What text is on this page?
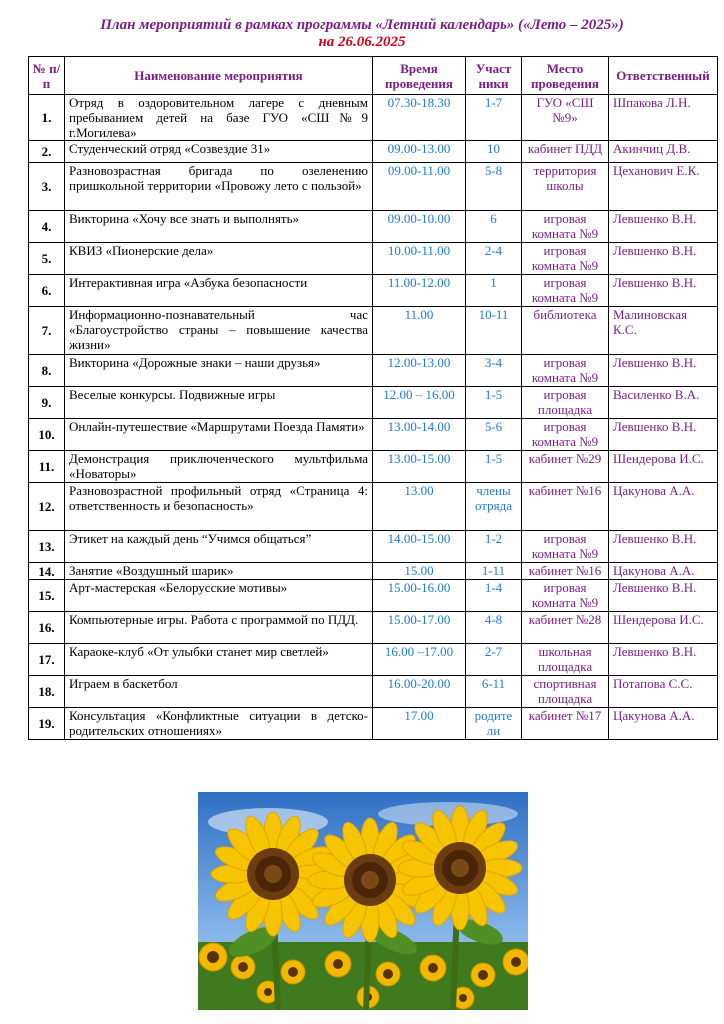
План мероприятий в рамках программы «Летний календарь» («Лето – 2025»)
на 26.06.2025
№ п/п	Наименование мероприятия	Время проведения	Участ ники	Место проведения	Ответственный
1.	Отряд в оздоровительном лагере с дневным пребыванием детей на базе ГУО «СШ№9 г.Могилева»	07.30-18.30	1-7	ГУО «СШ №9»	Шпакова Л.Н.
2.	Студенческий отряд «Созвездие 31»	09.00-13.00	10	кабинет ПДД	Акинчиц Д.В.
3.	Разновозрастная бригада по озеленению пришкольной территории «Провожу лето с пользой»	09.00-11.00	5-8	территория школы	Цеханович Е.К.
4.	Викторина «Хочу все знать и выполнять»	09.00-10.00	6	игровая комната №9	Левшенко В.Н.
5.	КВИЗ «Пионерские дела»	10.00-11.00	2-4	игровая комната №9	Левшенко В.Н.
6.	Интерактивная игра «Азбука безопасности	11.00-12.00	1	игровая комната №9	Левшенко В.Н.
7.	Информационно-познавательный час «Благоустройство страны – повышение качества жизни»	11.00	10-11	библиотека	Малиновская К.С.
8.	Викторина «Дорожные знаки – наши друзья»	12.00-13.00	3-4	игровая комната №9	Левшенко В.Н.
9.	Веселые конкурсы. Подвижные игры	12.00 – 16.00	1-5	игровая площадка	Василенко В.А.
10.	Онлайн-путешествие «Маршрутами Поезда Памяти»	13.00-14.00	5-6	игровая комната №9	Левшенко В.Н.
11.	Демонстрация приключенческого мультфильма «Новаторы»	13.00-15.00	1-5	кабинет №29	Шендерова И.С.
12.	Разновозрастной профильный отряд «Страница 4: ответственность и безопасность»	13.00	члены отряда	кабинет №16	Цакунова А.А.
13.	Этикет на каждый день “Учимся общаться”	14.00-15.00	1-2	игровая комната №9	Левшенко В.Н.
14.	Занятие «Воздушный шарик»	15.00	1-11	кабинет №16	Цакунова А.А.
15.	Арт-мастерская «Белорусские мотивы»	15.00-16.00	1-4	игровая комната №9	Левшенко В.Н.
16.	Компьютерные игры. Работа с программой по ПДД.	15.00-17.00	4-8	кабинет №28	Шендерова И.С.
17.	Караоке-клуб «От улыбки станет мир светлей»	16.00 –17.00	2-7	школьная площадка	Левшенко В.Н.
18.	Играем в баскетбол	16.00-20.00	6-11	спортивная площадка	Потапова С.С.
19.	Консультация «Конфликтные ситуации в детско-родительских отношениях»	17.00	родите ли	кабинет №17	Цакунова А.А.
